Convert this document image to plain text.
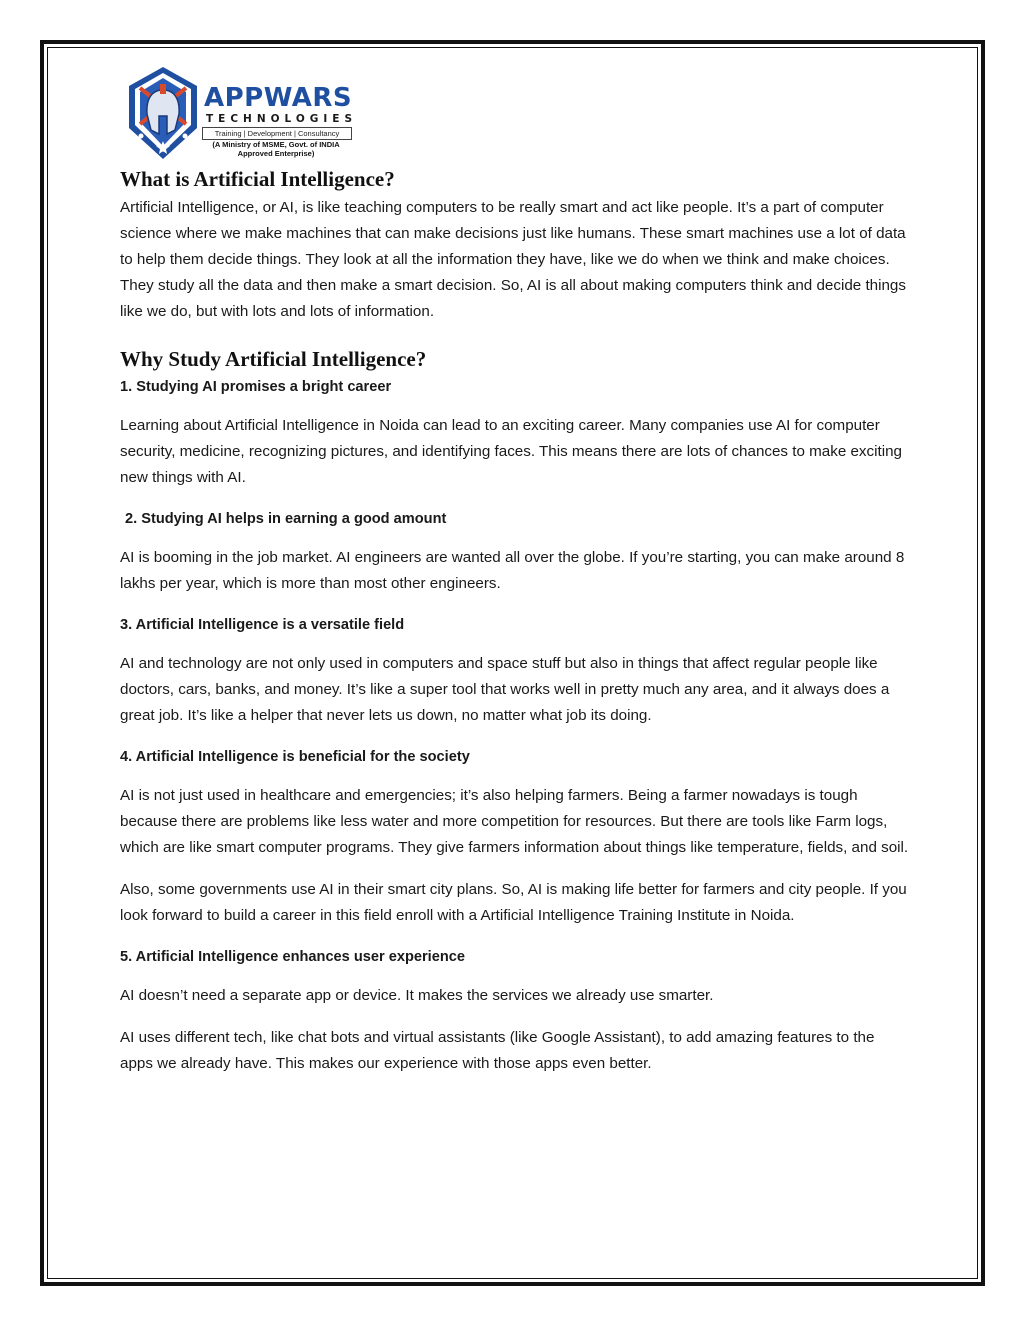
APPWARS
TECHNOLOGIES
Training | Development | Consultancy
(A Ministry of MSME, Govt. of INDIA
Approved Enterprise)
What is Artificial Intelligence?

Artificial Intelligence, or AI, is like teaching computers to be really smart and act like people. It’s a part of computer science where we make machines that can make decisions just like humans. These smart machines use a lot of data to help them decide things. They look at all the information they have, like we do when we think and make choices. They study all the data and then make a smart decision. So, AI is all about making computers think and decide things like we do, but with lots and lots of information.

Why Study Artificial Intelligence?
1. Studying AI promises a bright career

Learning about Artificial Intelligence in Noida can lead to an exciting career. Many companies use AI for computer security, medicine, recognizing pictures, and identifying faces. This means there are lots of chances to make exciting new things with AI.

2. Studying AI helps in earning a good amount

AI is booming in the job market. AI engineers are wanted all over the globe. If you’re starting, you can make around 8 lakhs per year, which is more than most other engineers.

3. Artificial Intelligence is a versatile field

AI and technology are not only used in computers and space stuff but also in things that affect regular people like doctors, cars, banks, and money. It’s like a super tool that works well in pretty much any area, and it always does a great job. It’s like a helper that never lets us down, no matter what job its doing.

4. Artificial Intelligence is beneficial for the society

AI is not just used in healthcare and emergencies; it’s also helping farmers. Being a farmer nowadays is tough because there are problems like less water and more competition for resources. But there are tools like Farm logs, which are like smart computer programs. They give farmers information about things like temperature, fields, and soil.

Also, some governments use AI in their smart city plans. So, AI is making life better for farmers and city people. If you look forward to build a career in this field enroll with a Artificial Intelligence Training Institute in Noida.

5. Artificial Intelligence enhances user experience

AI doesn’t need a separate app or device. It makes the services we already use smarter.

AI uses different tech, like chat bots and virtual assistants (like Google Assistant), to add amazing features to the apps we already have. This makes our experience with those apps even better.
